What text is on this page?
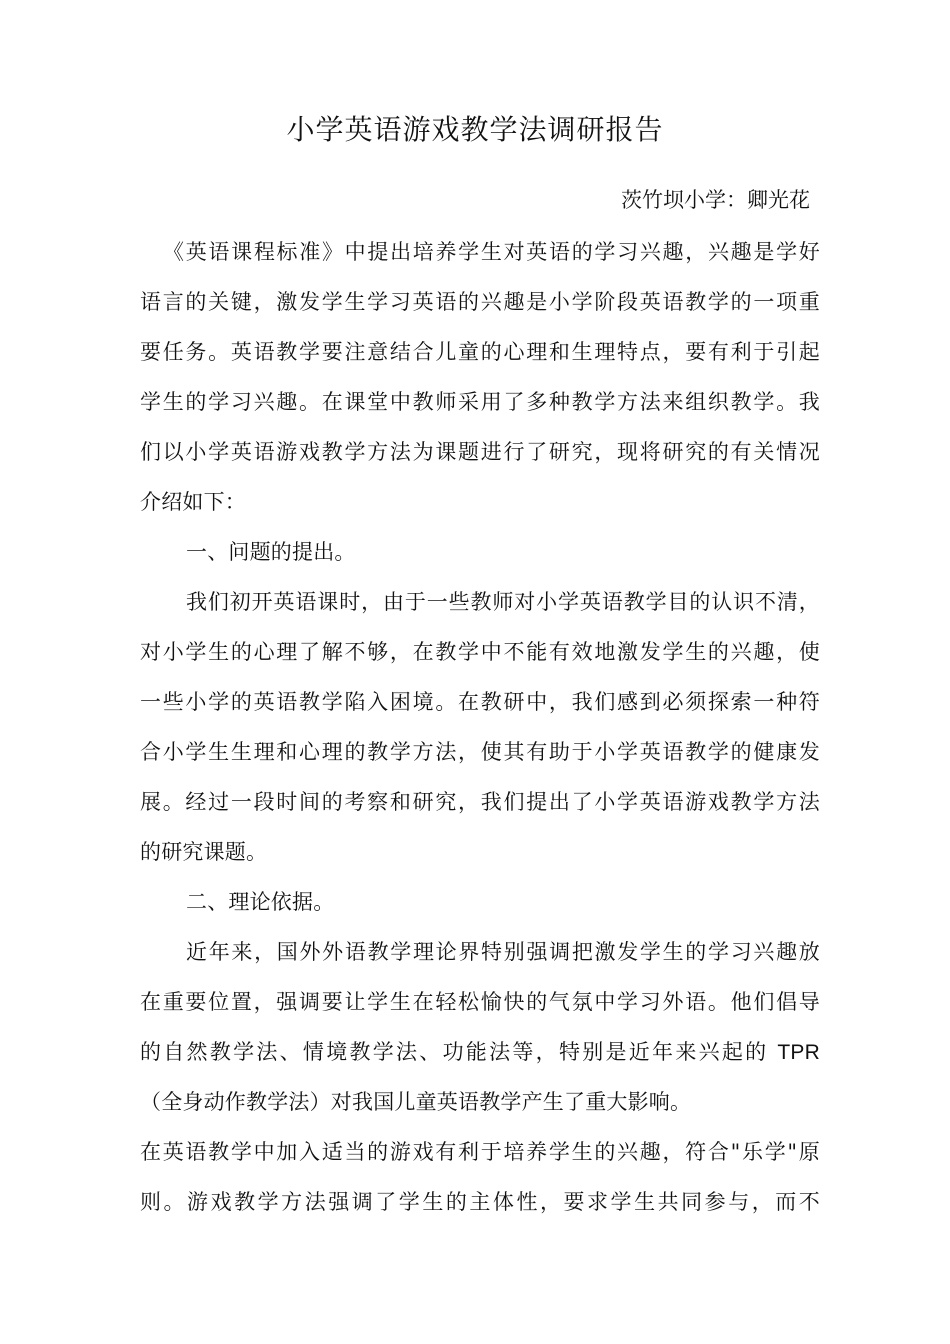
小学英语游戏教学法调研报告
茨竹坝小学：卿光花
《英语课程标准》中提出培养学生对英语的学习兴趣，兴趣是学好
语言的关键，激发学生学习英语的兴趣是小学阶段英语教学的一项重
要任务。英语教学要注意结合儿童的心理和生理特点，要有利于引起
学生的学习兴趣。在课堂中教师采用了多种教学方法来组织教学。我
们以小学英语游戏教学方法为课题进行了研究，现将研究的有关情况
介绍如下：
一、问题的提出。
我们初开英语课时，由于一些教师对小学英语教学目的认识不清，
对小学生的心理了解不够，在教学中不能有效地激发学生的兴趣，使
一些小学的英语教学陷入困境。在教研中，我们感到必须探索一种符
合小学生生理和心理的教学方法，使其有助于小学英语教学的健康发
展。经过一段时间的考察和研究，我们提出了小学英语游戏教学方法
的研究课题。
二、理论依据。
近年来，国外外语教学理论界特别强调把激发学生的学习兴趣放
在重要位置，强调要让学生在轻松愉快的气氛中学习外语。他们倡导
的自然教学法、情境教学法、功能法等，特别是近年来兴起的 TPR
（全身动作教学法）对我国儿童英语教学产生了重大影响。
在英语教学中加入适当的游戏有利于培养学生的兴趣，符合"乐学"原
则。游戏教学方法强调了学生的主体性，要求学生共同参与，而不
